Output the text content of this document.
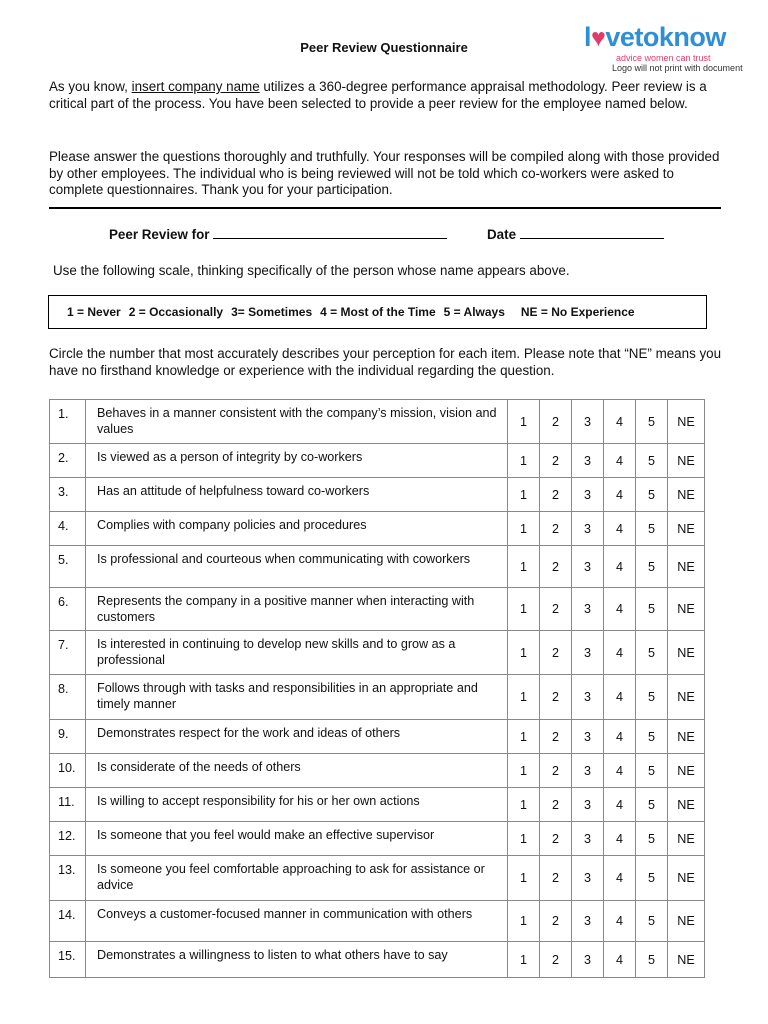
l♥vetoknow
advice women can trust
Logo will not print with document
Peer Review Questionnaire
As you know, insert company name utilizes a 360-degree performance appraisal methodology. Peer review is a critical part of the process. You have been selected to provide a peer review for the employee named below.
Please answer the questions thoroughly and truthfully. Your responses will be compiled along with those provided by other employees. The individual who is being reviewed will not be told which co-workers were asked to complete questionnaires. Thank you for your participation.
Peer Review for	Date
Use the following scale, thinking specifically of the person whose name appears above.
1 = Never 2 = Occasionally 3= Sometimes 4 = Most of the Time 5 = Always NE = No Experience
Circle the number that most accurately describes your perception for each item. Please note that “NE” means you have no firsthand knowledge or experience with the individual regarding the question.
1.	Behaves in a manner consistent with the company’s mission, vision and values	1	2	3	4	5	NE
2.	Is viewed as a person of integrity by co-workers	1	2	3	4	5	NE
3.	Has an attitude of helpfulness toward co-workers	1	2	3	4	5	NE
4.	Complies with company policies and procedures	1	2	3	4	5	NE
5.	Is professional and courteous when communicating with coworkers	1	2	3	4	5	NE
6.	Represents the company in a positive manner when interacting with customers	1	2	3	4	5	NE
7.	Is interested in continuing to develop new skills and to grow as a professional	1	2	3	4	5	NE
8.	Follows through with tasks and responsibilities in an appropriate and timely manner	1	2	3	4	5	NE
9.	Demonstrates respect for the work and ideas of others	1	2	3	4	5	NE
10.	Is considerate of the needs of others	1	2	3	4	5	NE
11.	Is willing to accept responsibility for his or her own actions	1	2	3	4	5	NE
12.	Is someone that you feel would make an effective supervisor	1	2	3	4	5	NE
13.	Is someone you feel comfortable approaching to ask for assistance or advice	1	2	3	4	5	NE
14.	Conveys a customer-focused manner in communication with others	1	2	3	4	5	NE
15.	Demonstrates a willingness to listen to what others have to say	1	2	3	4	5	NE
